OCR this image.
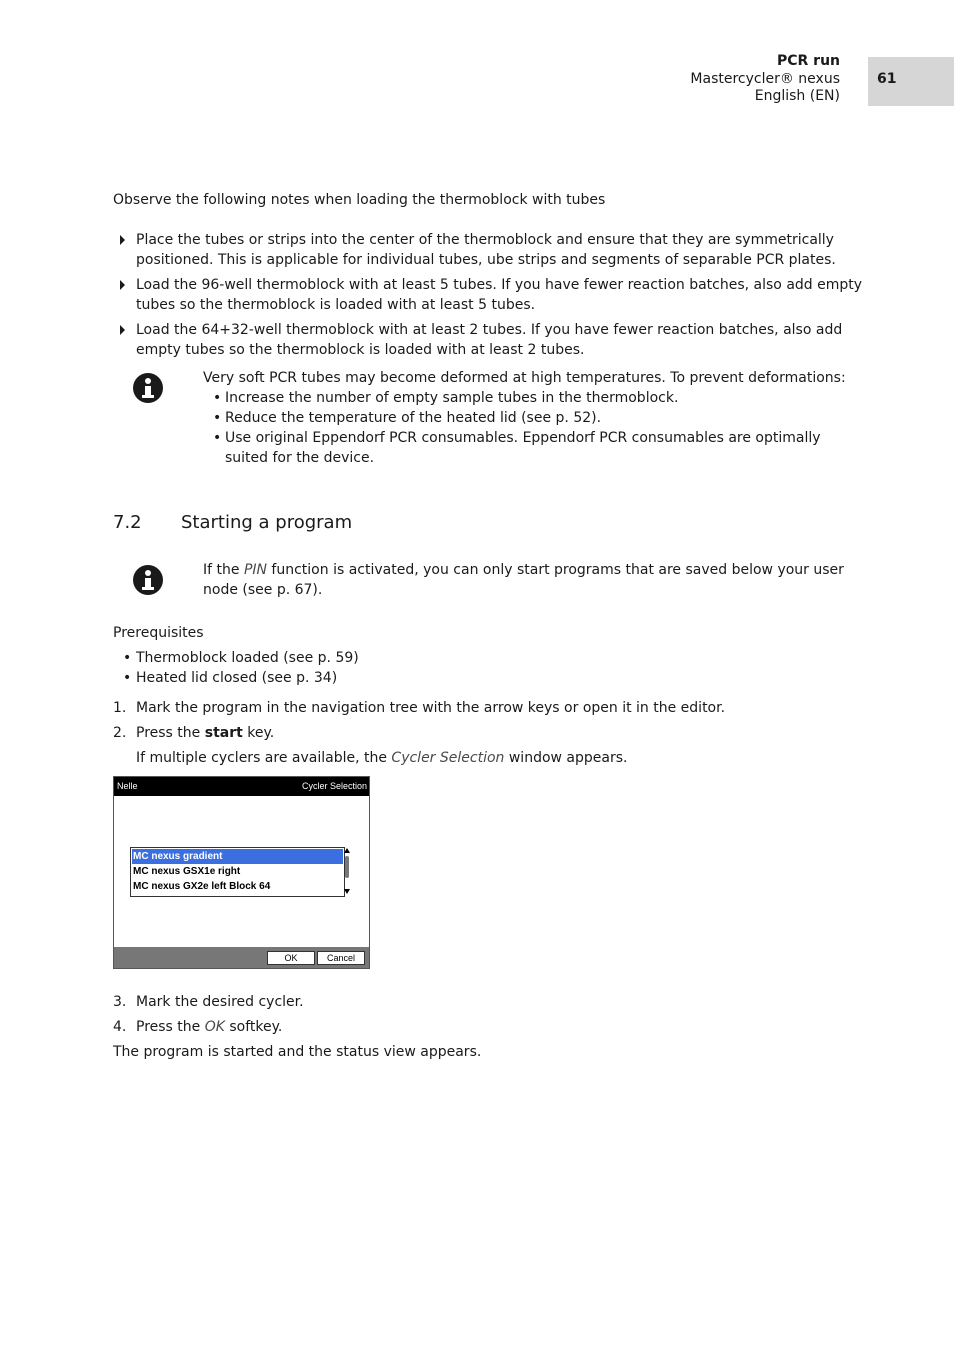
PCR run
Mastercycler® nexus
English (EN)
61
Observe the following notes when loading the thermoblock with tubes
Place the tubes or strips into the center of the thermoblock and ensure that they are symmetrically
positioned. This is applicable for individual tubes, ube strips and segments of separable PCR plates.
Load the 96-well thermoblock with at least 5 tubes. If you have fewer reaction batches, also add empty
tubes so the thermoblock is loaded with at least 5 tubes.
Load the 64+32-well thermoblock with at least 2 tubes. If you have fewer reaction batches, also add
empty tubes so the thermoblock is loaded with at least 2 tubes.
Very soft PCR tubes may become deformed at high temperatures. To prevent deformations:
• Increase the number of empty sample tubes in the thermoblock.
• Reduce the temperature of the heated lid (see p. 52).
• Use original Eppendorf PCR consumables. Eppendorf PCR consumables are optimally
suited for the device.
7.2 Starting a program
If the PIN function is activated, you can only start programs that are saved below your user
node (see p. 67).
Prerequisites
• Thermoblock loaded (see p. 59)
• Heated lid closed (see p. 34)
1. Mark the program in the navigation tree with the arrow keys or open it in the editor.
2. Press the start key.
If multiple cyclers are available, the Cycler Selection window appears.
Nelle	Cycler Selection
MC nexus gradient
MC nexus GSX1e right
MC nexus GX2e left Block 64
OK	Cancel
3. Mark the desired cycler.
4. Press the OK softkey.
The program is started and the status view appears.
